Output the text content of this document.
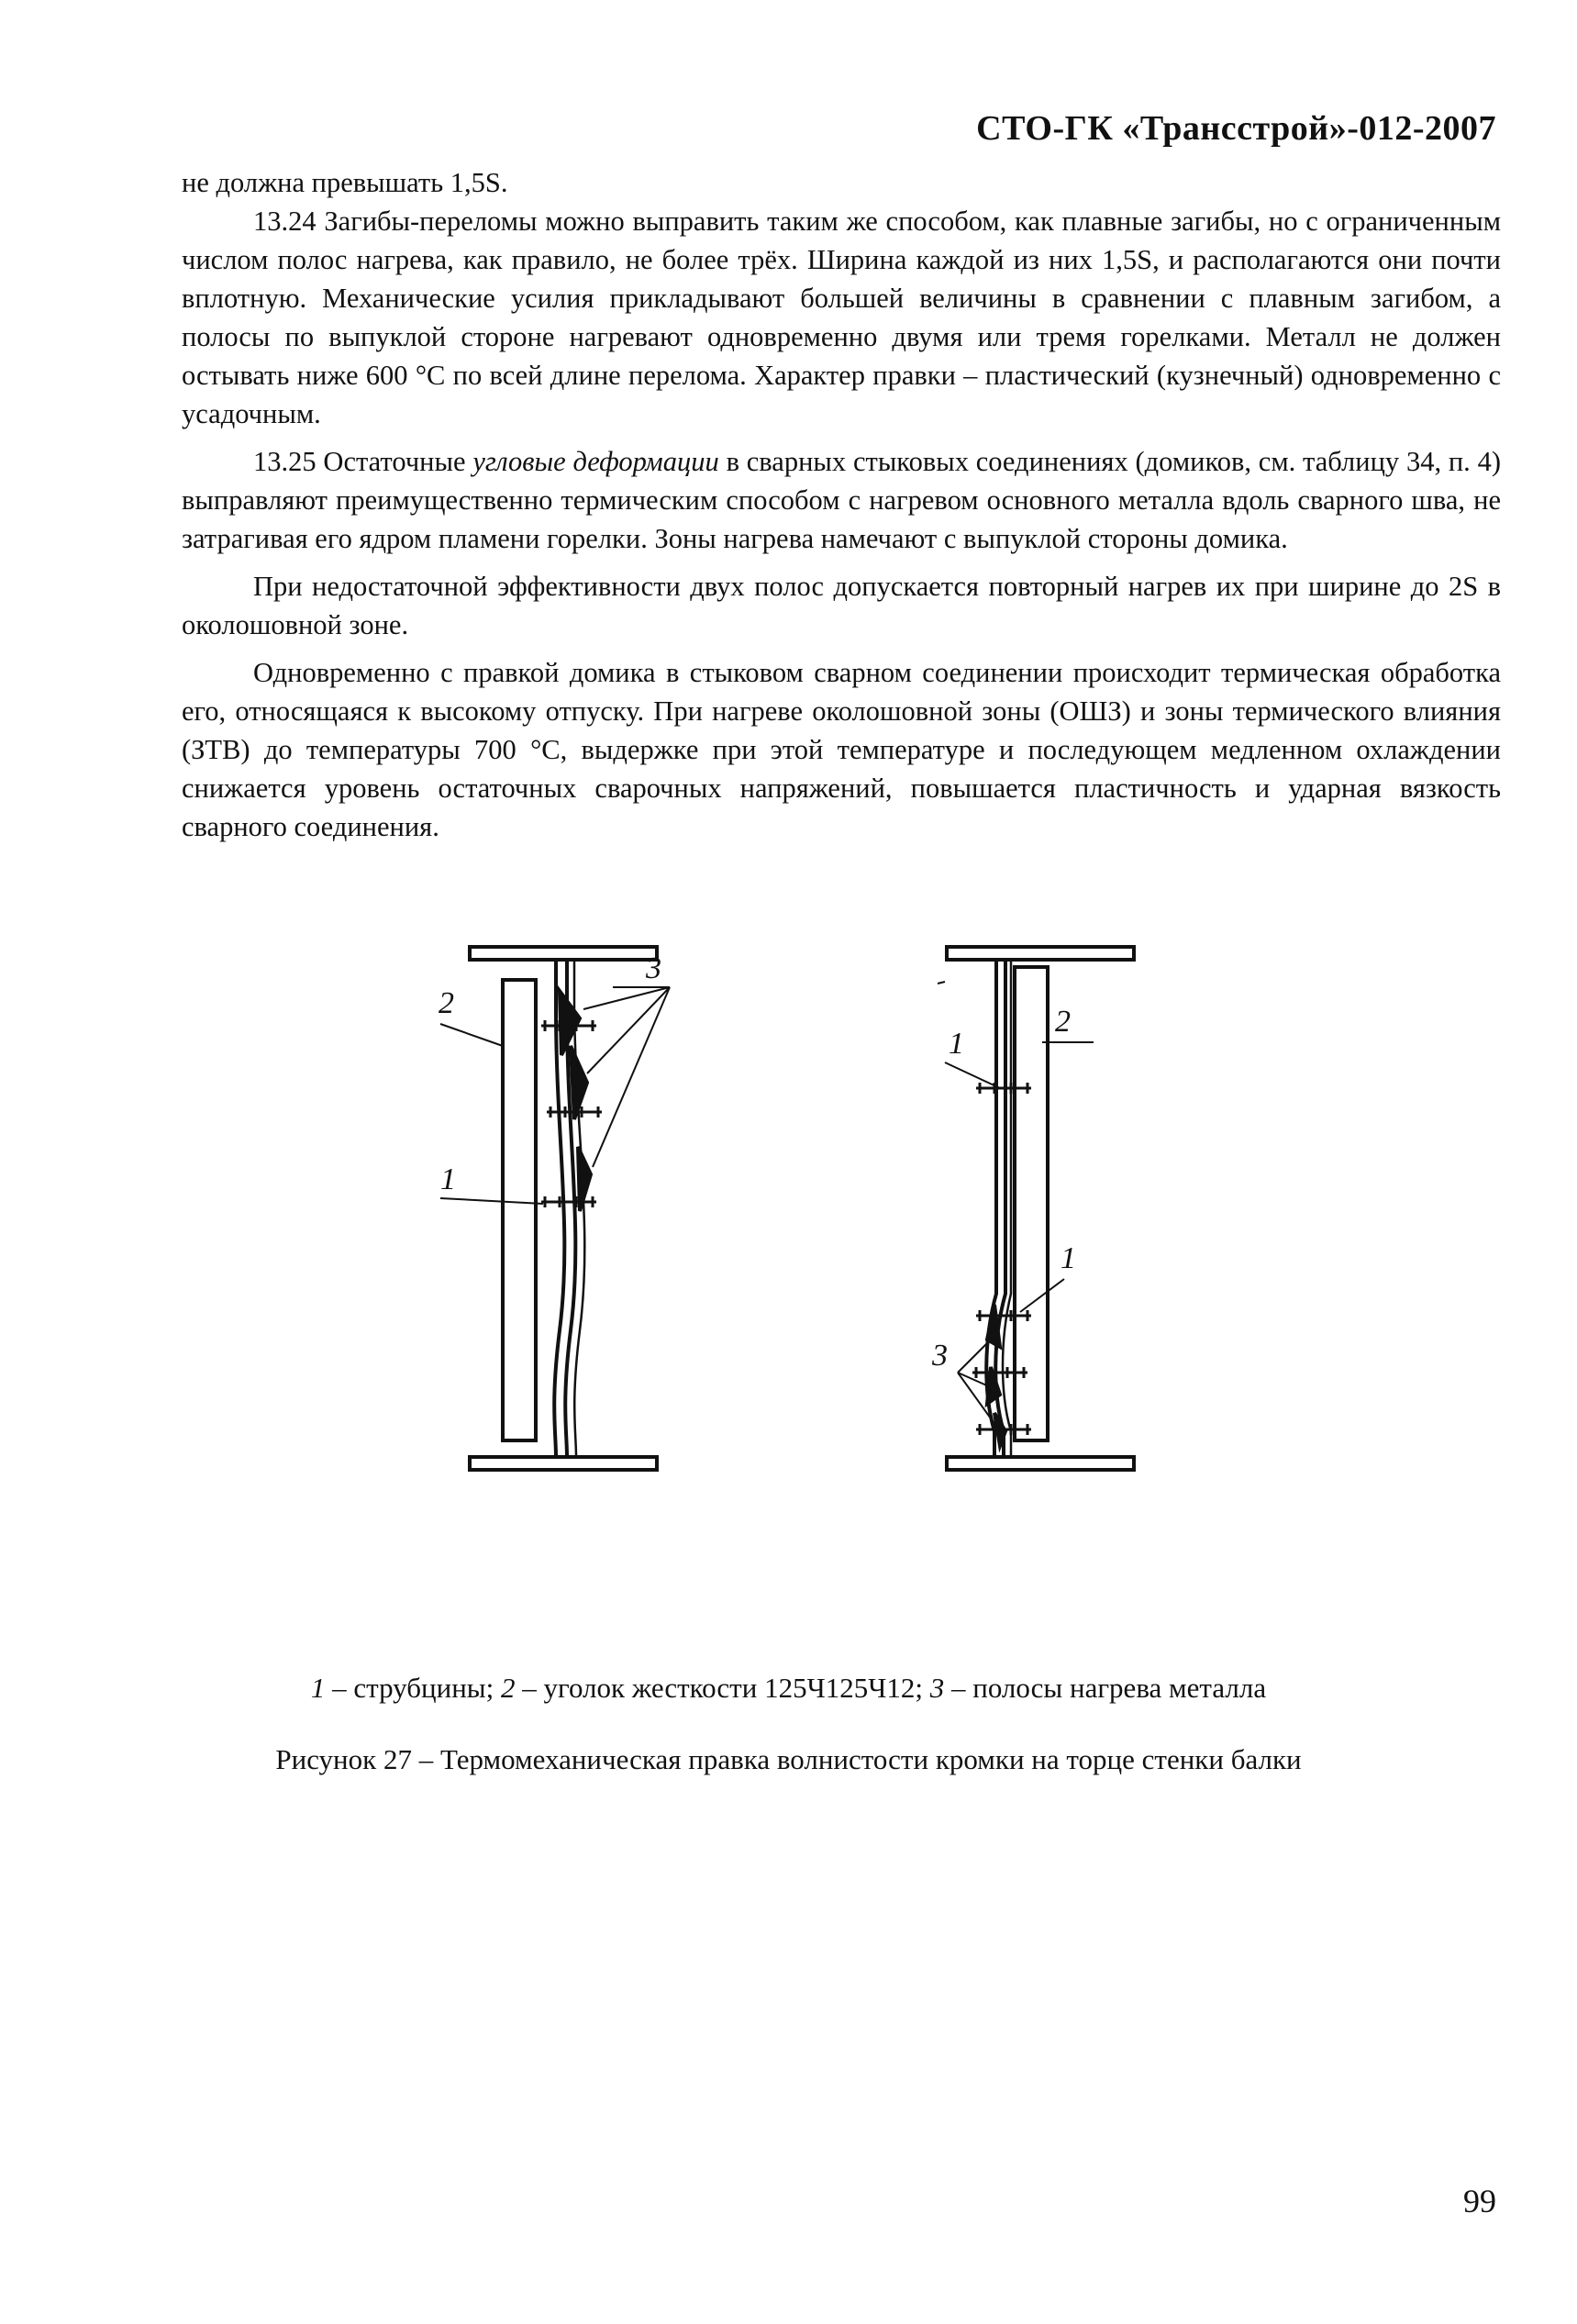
СТО-ГК «Трансстрой»-012-2007

не должна превышать 1,5S.

13.24 Загибы-переломы можно выправить таким же способом, как плавные загибы, но с ограниченным числом полос нагрева, как правило, не более трёх. Ширина каждой из них 1,5S, и располагаются они почти вплотную. Механические усилия прикладывают большей величины в сравнении с плавным загибом, а полосы по выпуклой стороне нагревают одновременно двумя или тремя горелками. Металл не должен остывать ниже 600 °С по всей длине перелома. Характер правки – пластический (кузнечный) одновременно с усадочным.

13.25 Остаточные угловые деформации в сварных стыковых соединениях (домиков, см. таблицу 34, п. 4) выправляют преимущественно термическим способом с нагревом основного металла вдоль сварного шва, не затрагивая его ядром пламени горелки. Зоны нагрева намечают с выпуклой стороны домика.

При недостаточной эффективности двух полос допускается повторный нагрев их при ширине до 2S в околошовной зоне.

Одновременно с правкой домика в стыковом сварном соединении происходит термическая обработка его, относящаяся к высокому отпуску. При нагреве околошовной зоны (ОШЗ) и зоны термического влияния (ЗТВ) до температуры 700 °С, выдержке при этой температуре и последующем медленном охлаждении снижается уровень остаточных сварочных напряжений, повышается пластичность и ударная вязкость сварного соединения.

2
3
1
1
2
1
3
1 – струбцины; 2 – уголок жесткости 125Ч125Ч12; 3 – полосы нагрева металла
Рисунок 27 – Термомеханическая правка волнистости кромки на торце стенки балки
99
